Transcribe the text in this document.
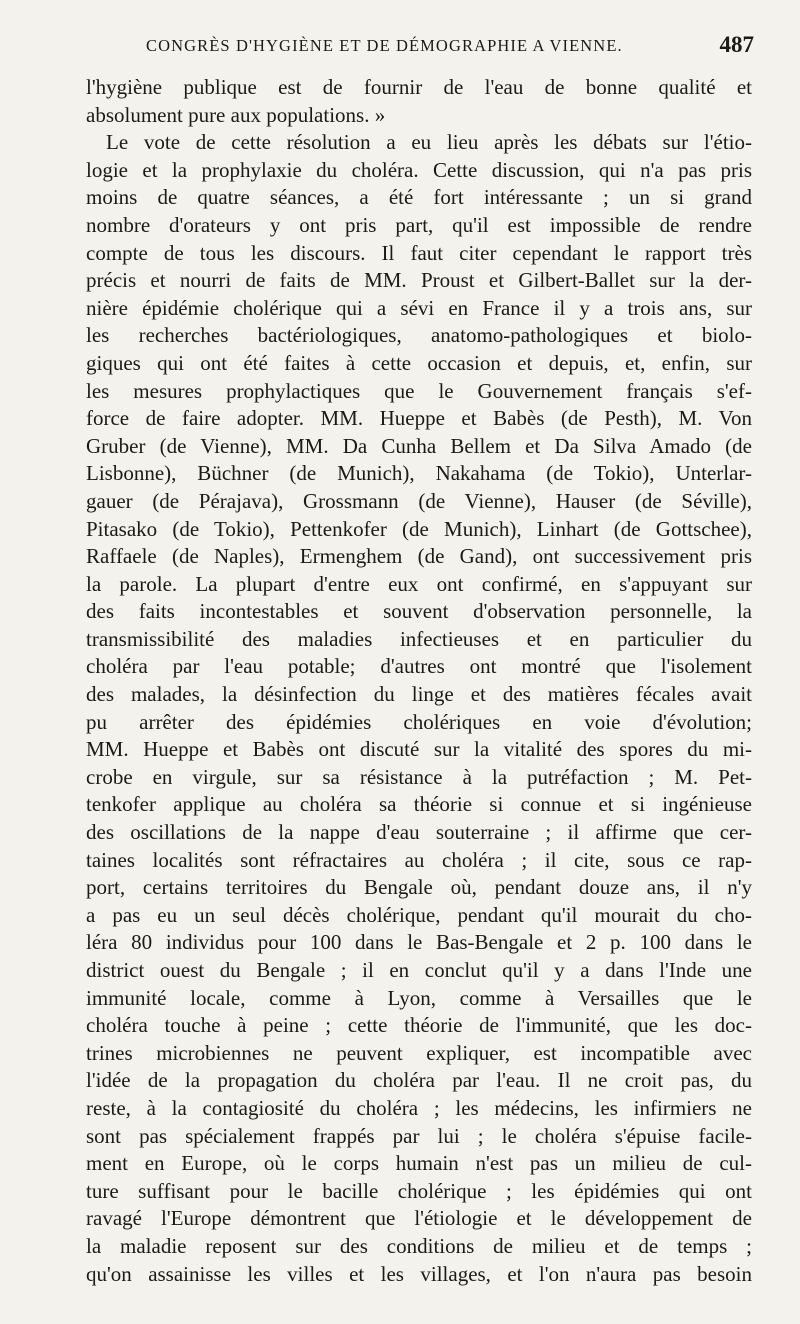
CONGRÈS D'HYGIÈNE ET DE DÉMOGRAPHIE A VIENNE.	487
l'hygiène publique est de fournir de l'eau de bonne qualité et
absolument pure aux populations. »
Le vote de cette résolution a eu lieu après les débats sur l'étio-
logie et la prophylaxie du choléra. Cette discussion, qui n'a pas pris
moins de quatre séances, a été fort intéressante ; un si grand
nombre d'orateurs y ont pris part, qu'il est impossible de rendre
compte de tous les discours. Il faut citer cependant le rapport très
précis et nourri de faits de MM. Proust et Gilbert-Ballet sur la der-
nière épidémie cholérique qui a sévi en France il y a trois ans, sur
les recherches bactériologiques, anatomo-pathologiques et biolo-
giques qui ont été faites à cette occasion et depuis, et, enfin, sur
les mesures prophylactiques que le Gouvernement français s'ef-
force de faire adopter. MM. Hueppe et Babès (de Pesth), M. Von
Gruber (de Vienne), MM. Da Cunha Bellem et Da Silva Amado (de
Lisbonne), Büchner (de Munich), Nakahama (de Tokio), Unterlar-
gauer (de Pérajava), Grossmann (de Vienne), Hauser (de Séville),
Pitasako (de Tokio), Pettenkofer (de Munich), Linhart (de Gottschee),
Raffaele (de Naples), Ermenghem (de Gand), ont successivement pris
la parole. La plupart d'entre eux ont confirmé, en s'appuyant sur
des faits incontestables et souvent d'observation personnelle, la
transmissibilité des maladies infectieuses et en particulier du
choléra par l'eau potable; d'autres ont montré que l'isolement
des malades, la désinfection du linge et des matières fécales avait
pu arrêter des épidémies cholériques en voie d'évolution;
MM. Hueppe et Babès ont discuté sur la vitalité des spores du mi-
crobe en virgule, sur sa résistance à la putréfaction ; M. Pet-
tenkofer applique au choléra sa théorie si connue et si ingénieuse
des oscillations de la nappe d'eau souterraine ; il affirme que cer-
taines localités sont réfractaires au choléra ; il cite, sous ce rap-
port, certains territoires du Bengale où, pendant douze ans, il n'y
a pas eu un seul décès cholérique, pendant qu'il mourait du cho-
léra 80 individus pour 100 dans le Bas-Bengale et 2 p. 100 dans le
district ouest du Bengale ; il en conclut qu'il y a dans l'Inde une
immunité locale, comme à Lyon, comme à Versailles que le
choléra touche à peine ; cette théorie de l'immunité, que les doc-
trines microbiennes ne peuvent expliquer, est incompatible avec
l'idée de la propagation du choléra par l'eau. Il ne croit pas, du
reste, à la contagiosité du choléra ; les médecins, les infirmiers ne
sont pas spécialement frappés par lui ; le choléra s'épuise facile-
ment en Europe, où le corps humain n'est pas un milieu de cul-
ture suffisant pour le bacille cholérique ; les épidémies qui ont
ravagé l'Europe démontrent que l'étiologie et le développement de
la maladie reposent sur des conditions de milieu et de temps ;
qu'on assainisse les villes et les villages, et l'on n'aura pas besoin
